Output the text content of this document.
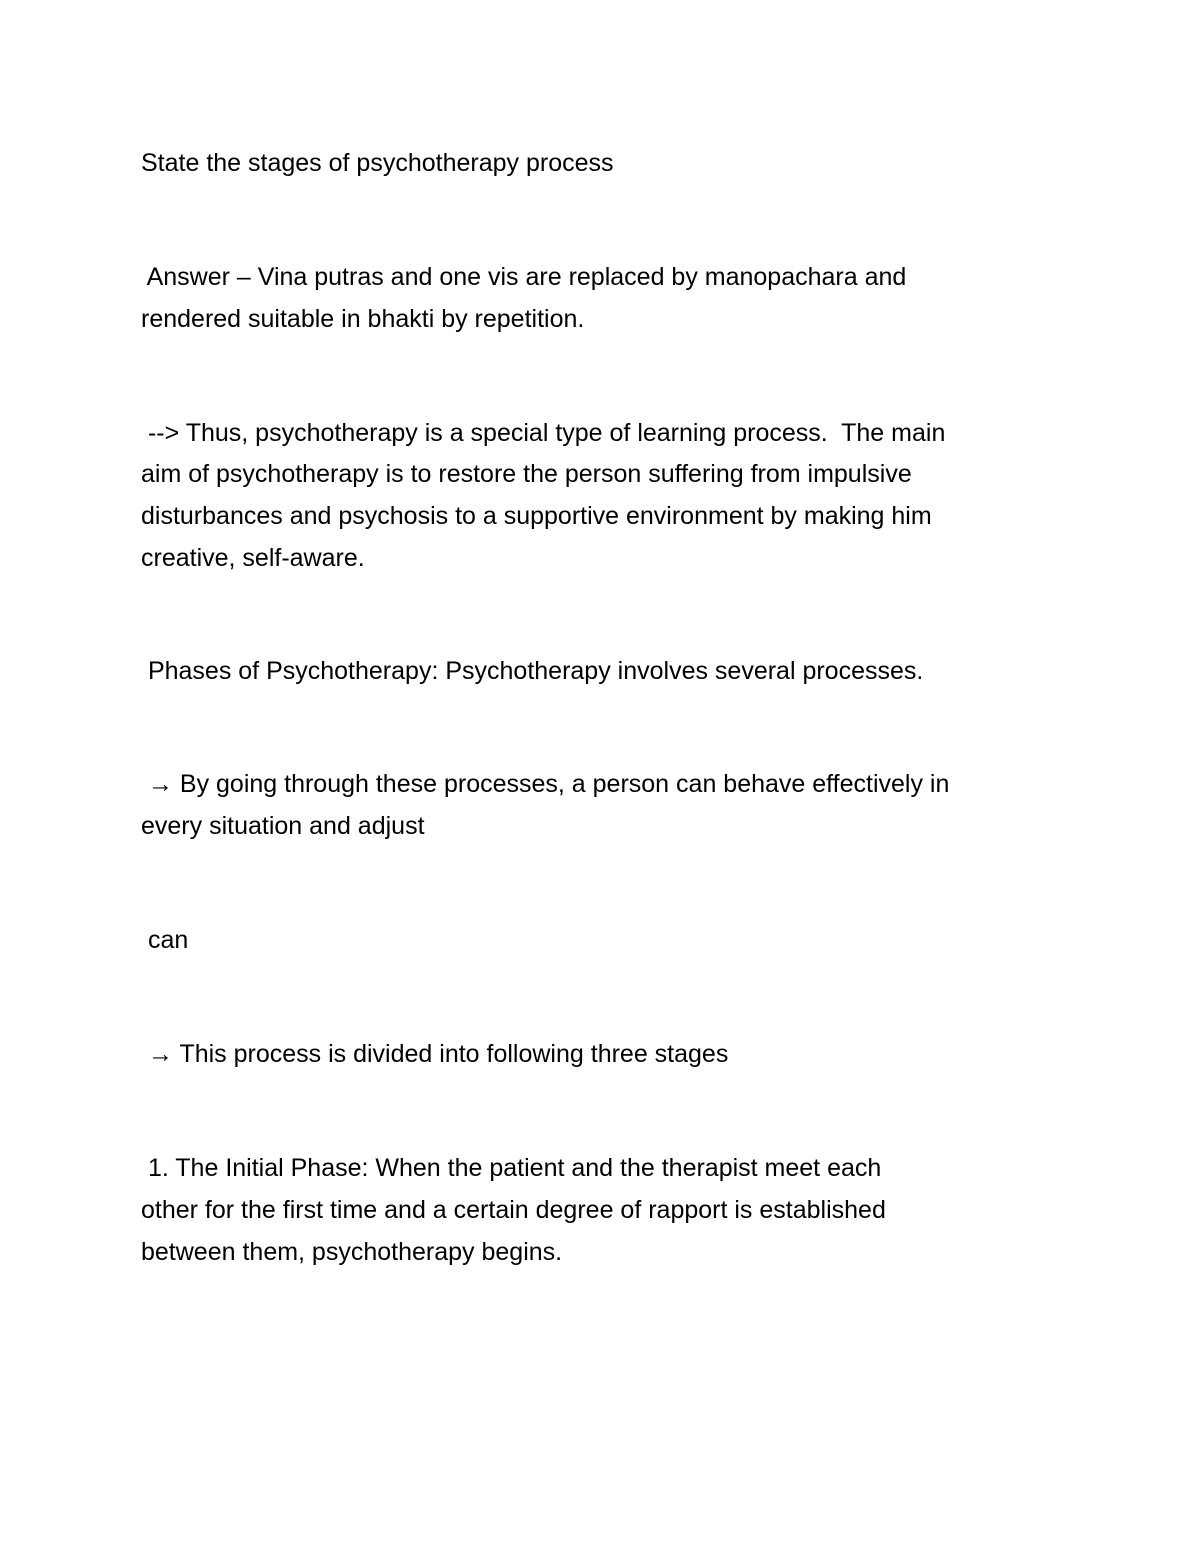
State the stages of psychotherapy process

Answer – Vina putras and one vis are replaced by manopachara and

rendered suitable in bhakti by repetition.

--> Thus, psychotherapy is a special type of learning process.  The main

aim of psychotherapy is to restore the person suffering from impulsive

disturbances and psychosis to a supportive environment by making him

creative, self-aware.

Phases of Psychotherapy: Psychotherapy involves several processes.

→ By going through these processes, a person can behave effectively in

every situation and adjust

can

→ This process is divided into following three stages

1. The Initial Phase: When the patient and the therapist meet each

other for the first time and a certain degree of rapport is established

between them, psychotherapy begins.
